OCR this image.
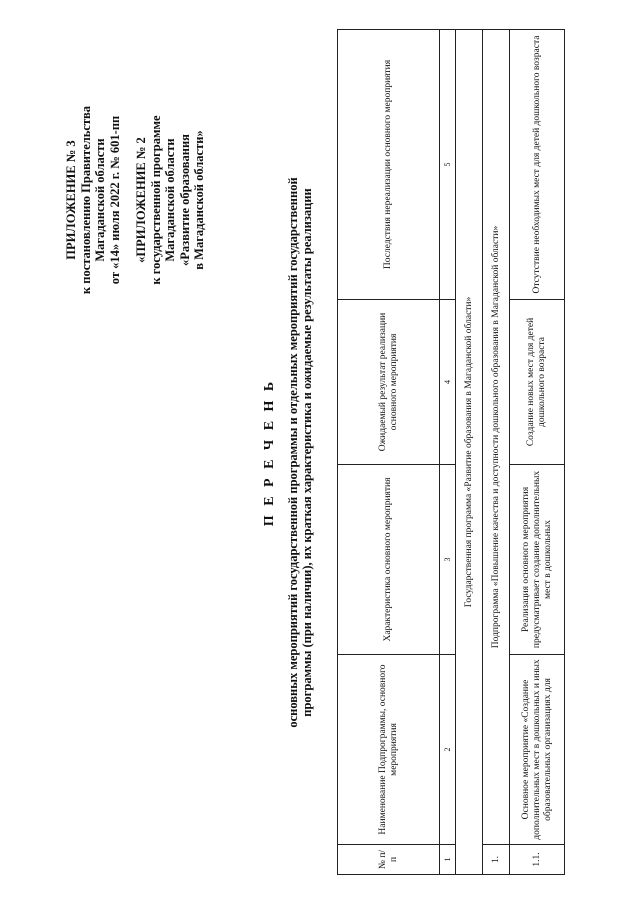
ПРИЛОЖЕНИЕ № 3 к постановлению Правительства Магаданской области от «14» июля 2022 г. № 601-пп «ПРИЛОЖЕНИЕ № 2 к государственной программе Магаданской области «Развитие образования в Магаданской области»
П Е Р Е Ч Е Н Ь основных мероприятий государственной программы и отдельных мероприятий государственной программы (при наличии), их краткая характеристика и ожидаемые результаты реализации
№ п/п	Наименование Подпрограммы, основного мероприятия	Характеристика основного мероприятия	Ожидаемый результат реализации основного мероприятия	Последствия нереализации основного мероприятия
1	2	3	4	5
Государственная программа «Развитие образования в Магаданской области»				
1.	Подпрограмма «Повышение качества и доступности дошкольного образования в Магаданской области»			
1.1.	Основное мероприятие «Создание дополнительных мест в дошкольных и иных образовательных организациях для	Реализация основного мероприятия предусматривает создание дополнительных мест в дошкольных	Создание новых мест для детей дошкольного возраста	Отсутствие необходимых мест для детей дошкольного возраста
